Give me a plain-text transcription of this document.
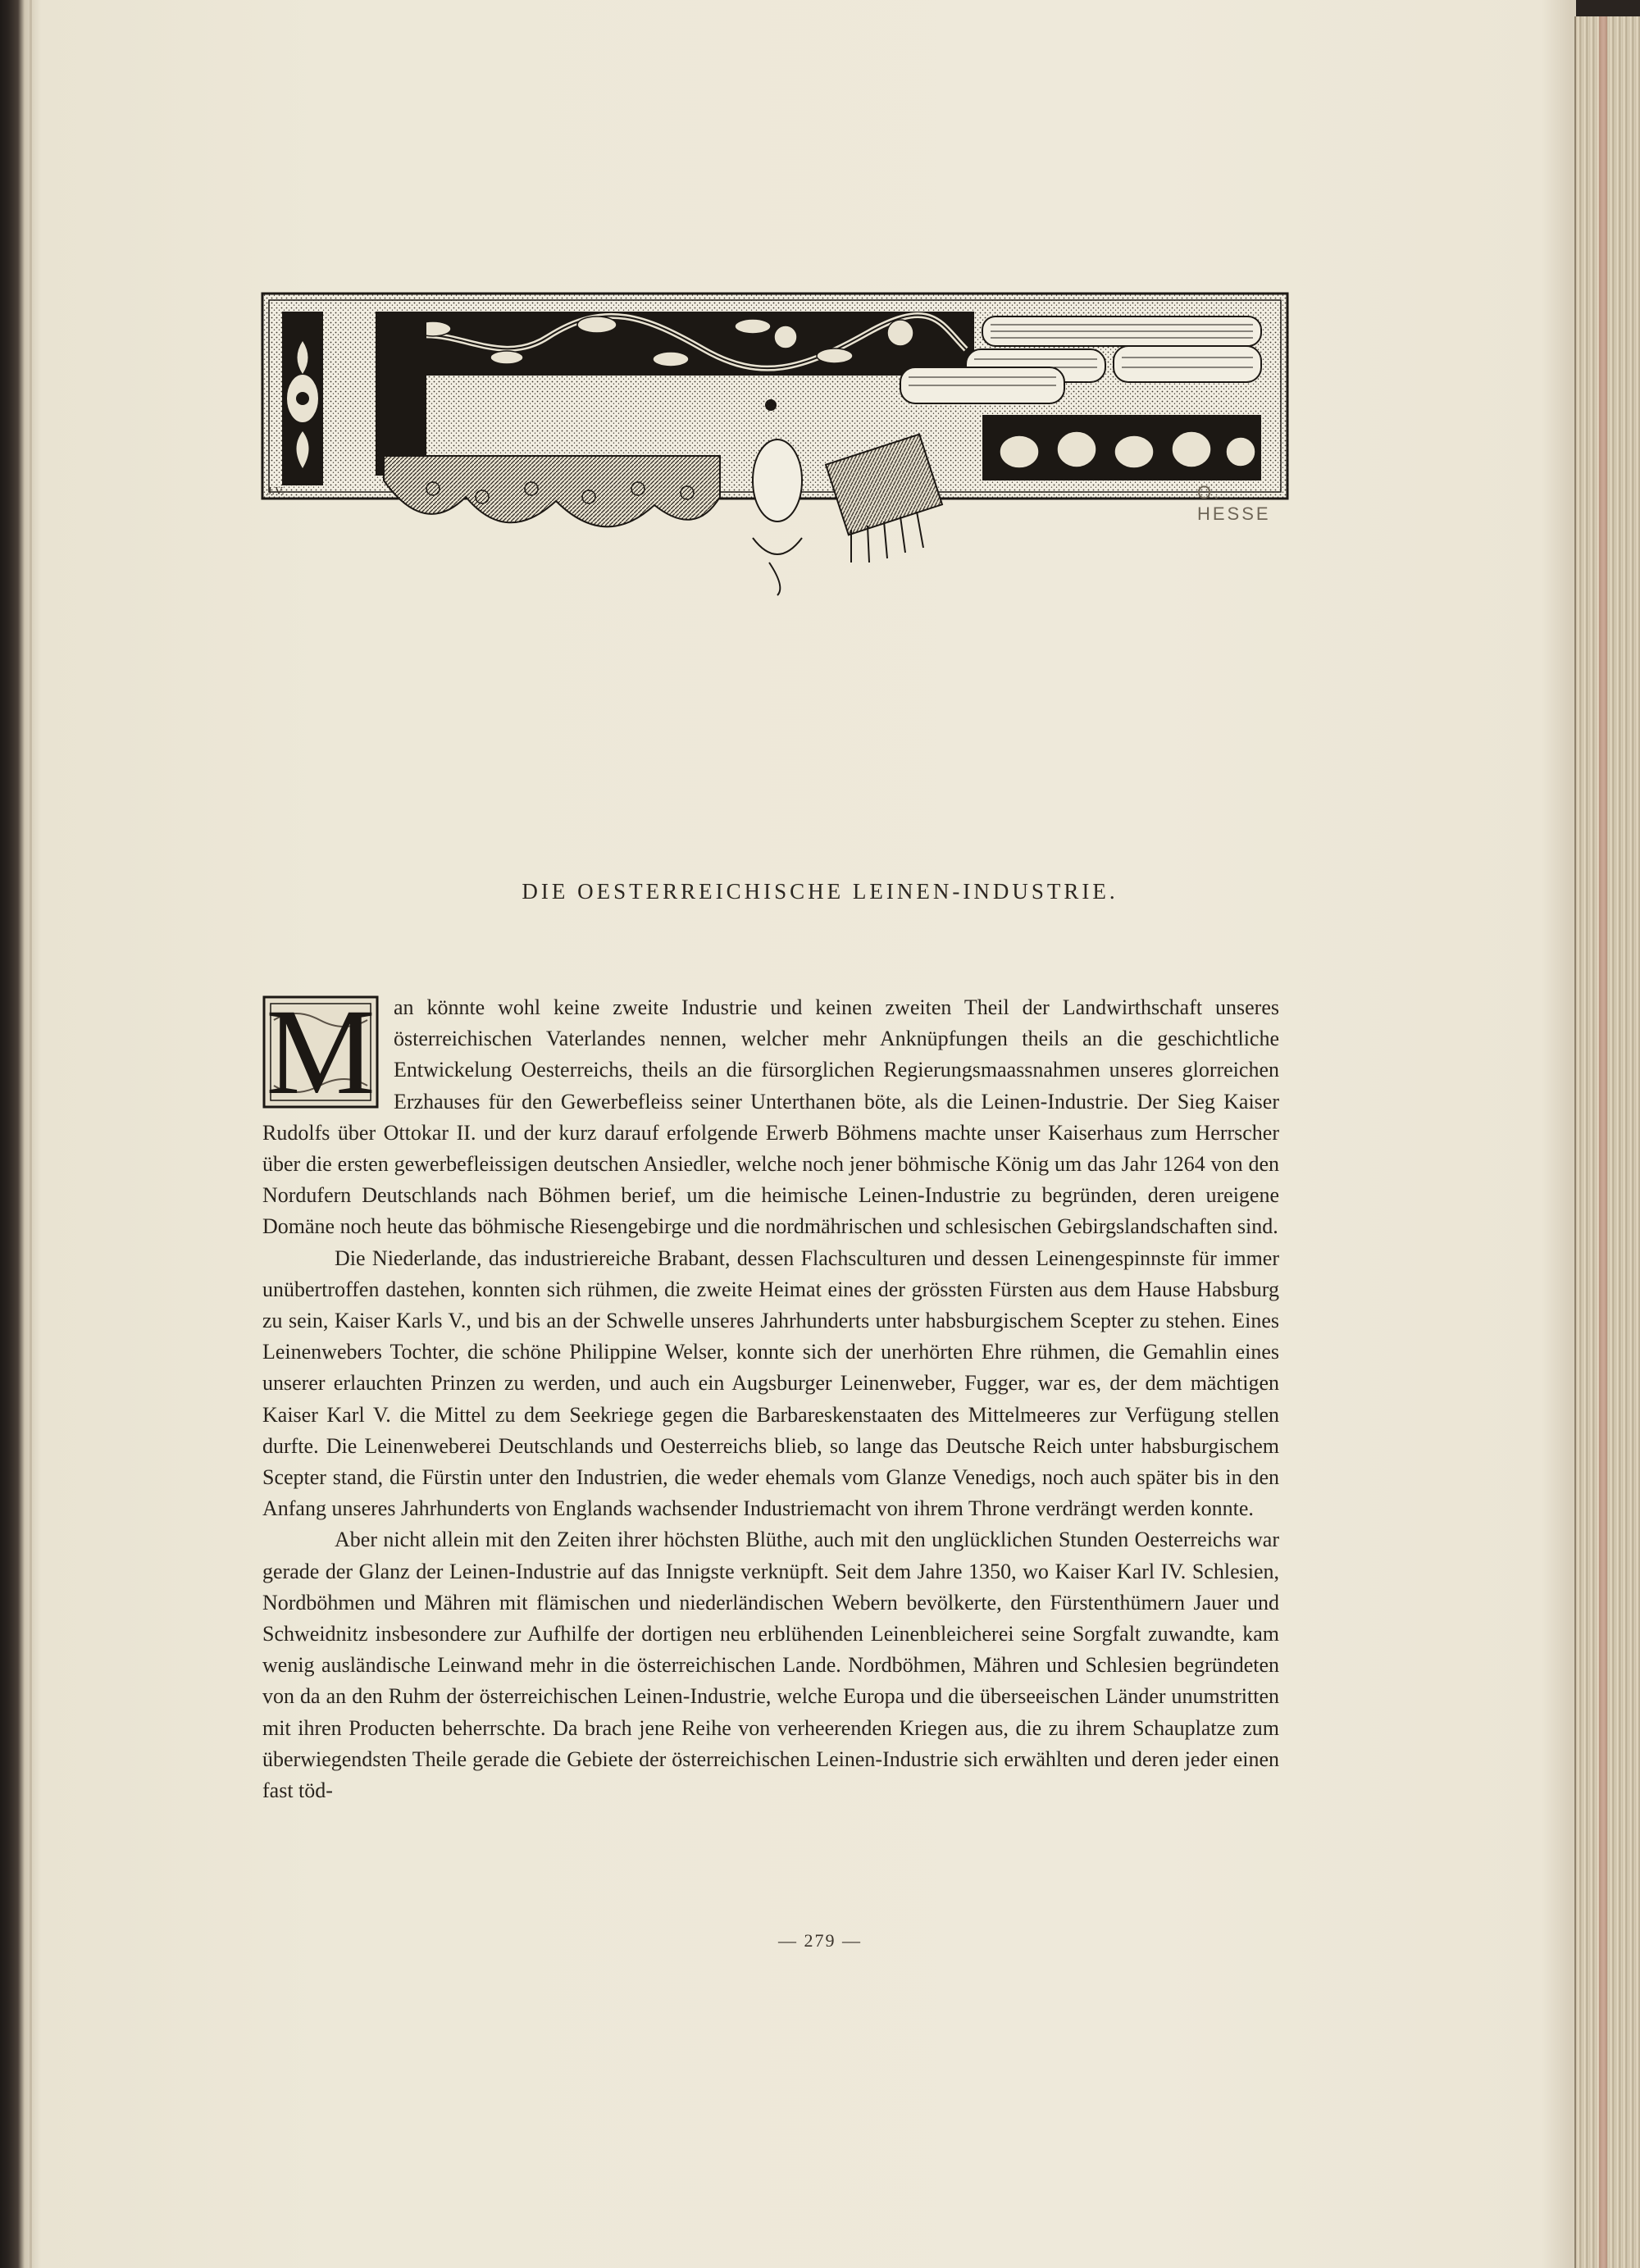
J.V.	O. HESSE
DIE OESTERREICHISCHE LEINEN-INDUSTRIE.

M an könnte wohl keine zweite Industrie und keinen zweiten Theil der Landwirthschaft unseres österreichischen Vaterlandes nennen, welcher mehr Anknüpfungen theils an die geschichtliche Entwickelung Oesterreichs, theils an die fürsorglichen Regierungsmaassnahmen unseres glorreichen Erzhauses für den Gewerbefleiss seiner Unterthanen böte, als die Leinen-Industrie. Der Sieg Kaiser Rudolfs über Ottokar II. und der kurz darauf erfolgende Erwerb Böhmens machte unser Kaiserhaus zum Herrscher über die ersten gewerbefleissigen deutschen Ansiedler, welche noch jener böhmische König um das Jahr 1264 von den Nordufern Deutschlands nach Böhmen berief, um die heimische Leinen-Industrie zu begründen, deren ureigene Domäne noch heute das böhmische Riesengebirge und die nordmährischen und schlesischen Gebirgslandschaften sind.

Die Niederlande, das industriereiche Brabant, dessen Flachsculturen und dessen Leinengespinnste für immer unübertroffen dastehen, konnten sich rühmen, die zweite Heimat eines der grössten Fürsten aus dem Hause Habsburg zu sein, Kaiser Karls V., und bis an der Schwelle unseres Jahrhunderts unter habsburgischem Scepter zu stehen. Eines Leinenwebers Tochter, die schöne Philippine Welser, konnte sich der unerhörten Ehre rühmen, die Gemahlin eines unserer erlauchten Prinzen zu werden, und auch ein Augsburger Leinenweber, Fugger, war es, der dem mächtigen Kaiser Karl V. die Mittel zu dem Seekriege gegen die Barbareskenstaaten des Mittelmeeres zur Verfügung stellen durfte. Die Leinenweberei Deutschlands und Oesterreichs blieb, so lange das Deutsche Reich unter habsburgischem Scepter stand, die Fürstin unter den Industrien, die weder ehemals vom Glanze Venedigs, noch auch später bis in den Anfang unseres Jahrhunderts von Englands wachsender Industriemacht von ihrem Throne verdrängt werden konnte.

Aber nicht allein mit den Zeiten ihrer höchsten Blüthe, auch mit den unglücklichen Stunden Oesterreichs war gerade der Glanz der Leinen-Industrie auf das Innigste verknüpft. Seit dem Jahre 1350, wo Kaiser Karl IV. Schlesien, Nordböhmen und Mähren mit flämischen und niederländischen Webern bevölkerte, den Fürstenthümern Jauer und Schweidnitz insbesondere zur Aufhilfe der dortigen neu erblühenden Leinenbleicherei seine Sorgfalt zuwandte, kam wenig ausländische Leinwand mehr in die österreichischen Lande. Nordböhmen, Mähren und Schlesien begründeten von da an den Ruhm der österreichischen Leinen-Industrie, welche Europa und die überseeischen Länder unumstritten mit ihren Producten beherrschte. Da brach jene Reihe von verheerenden Kriegen aus, die zu ihrem Schauplatze zum überwiegendsten Theile gerade die Gebiete der österreichischen Leinen-Industrie sich erwählten und deren jeder einen fast töd-

— 279 —
